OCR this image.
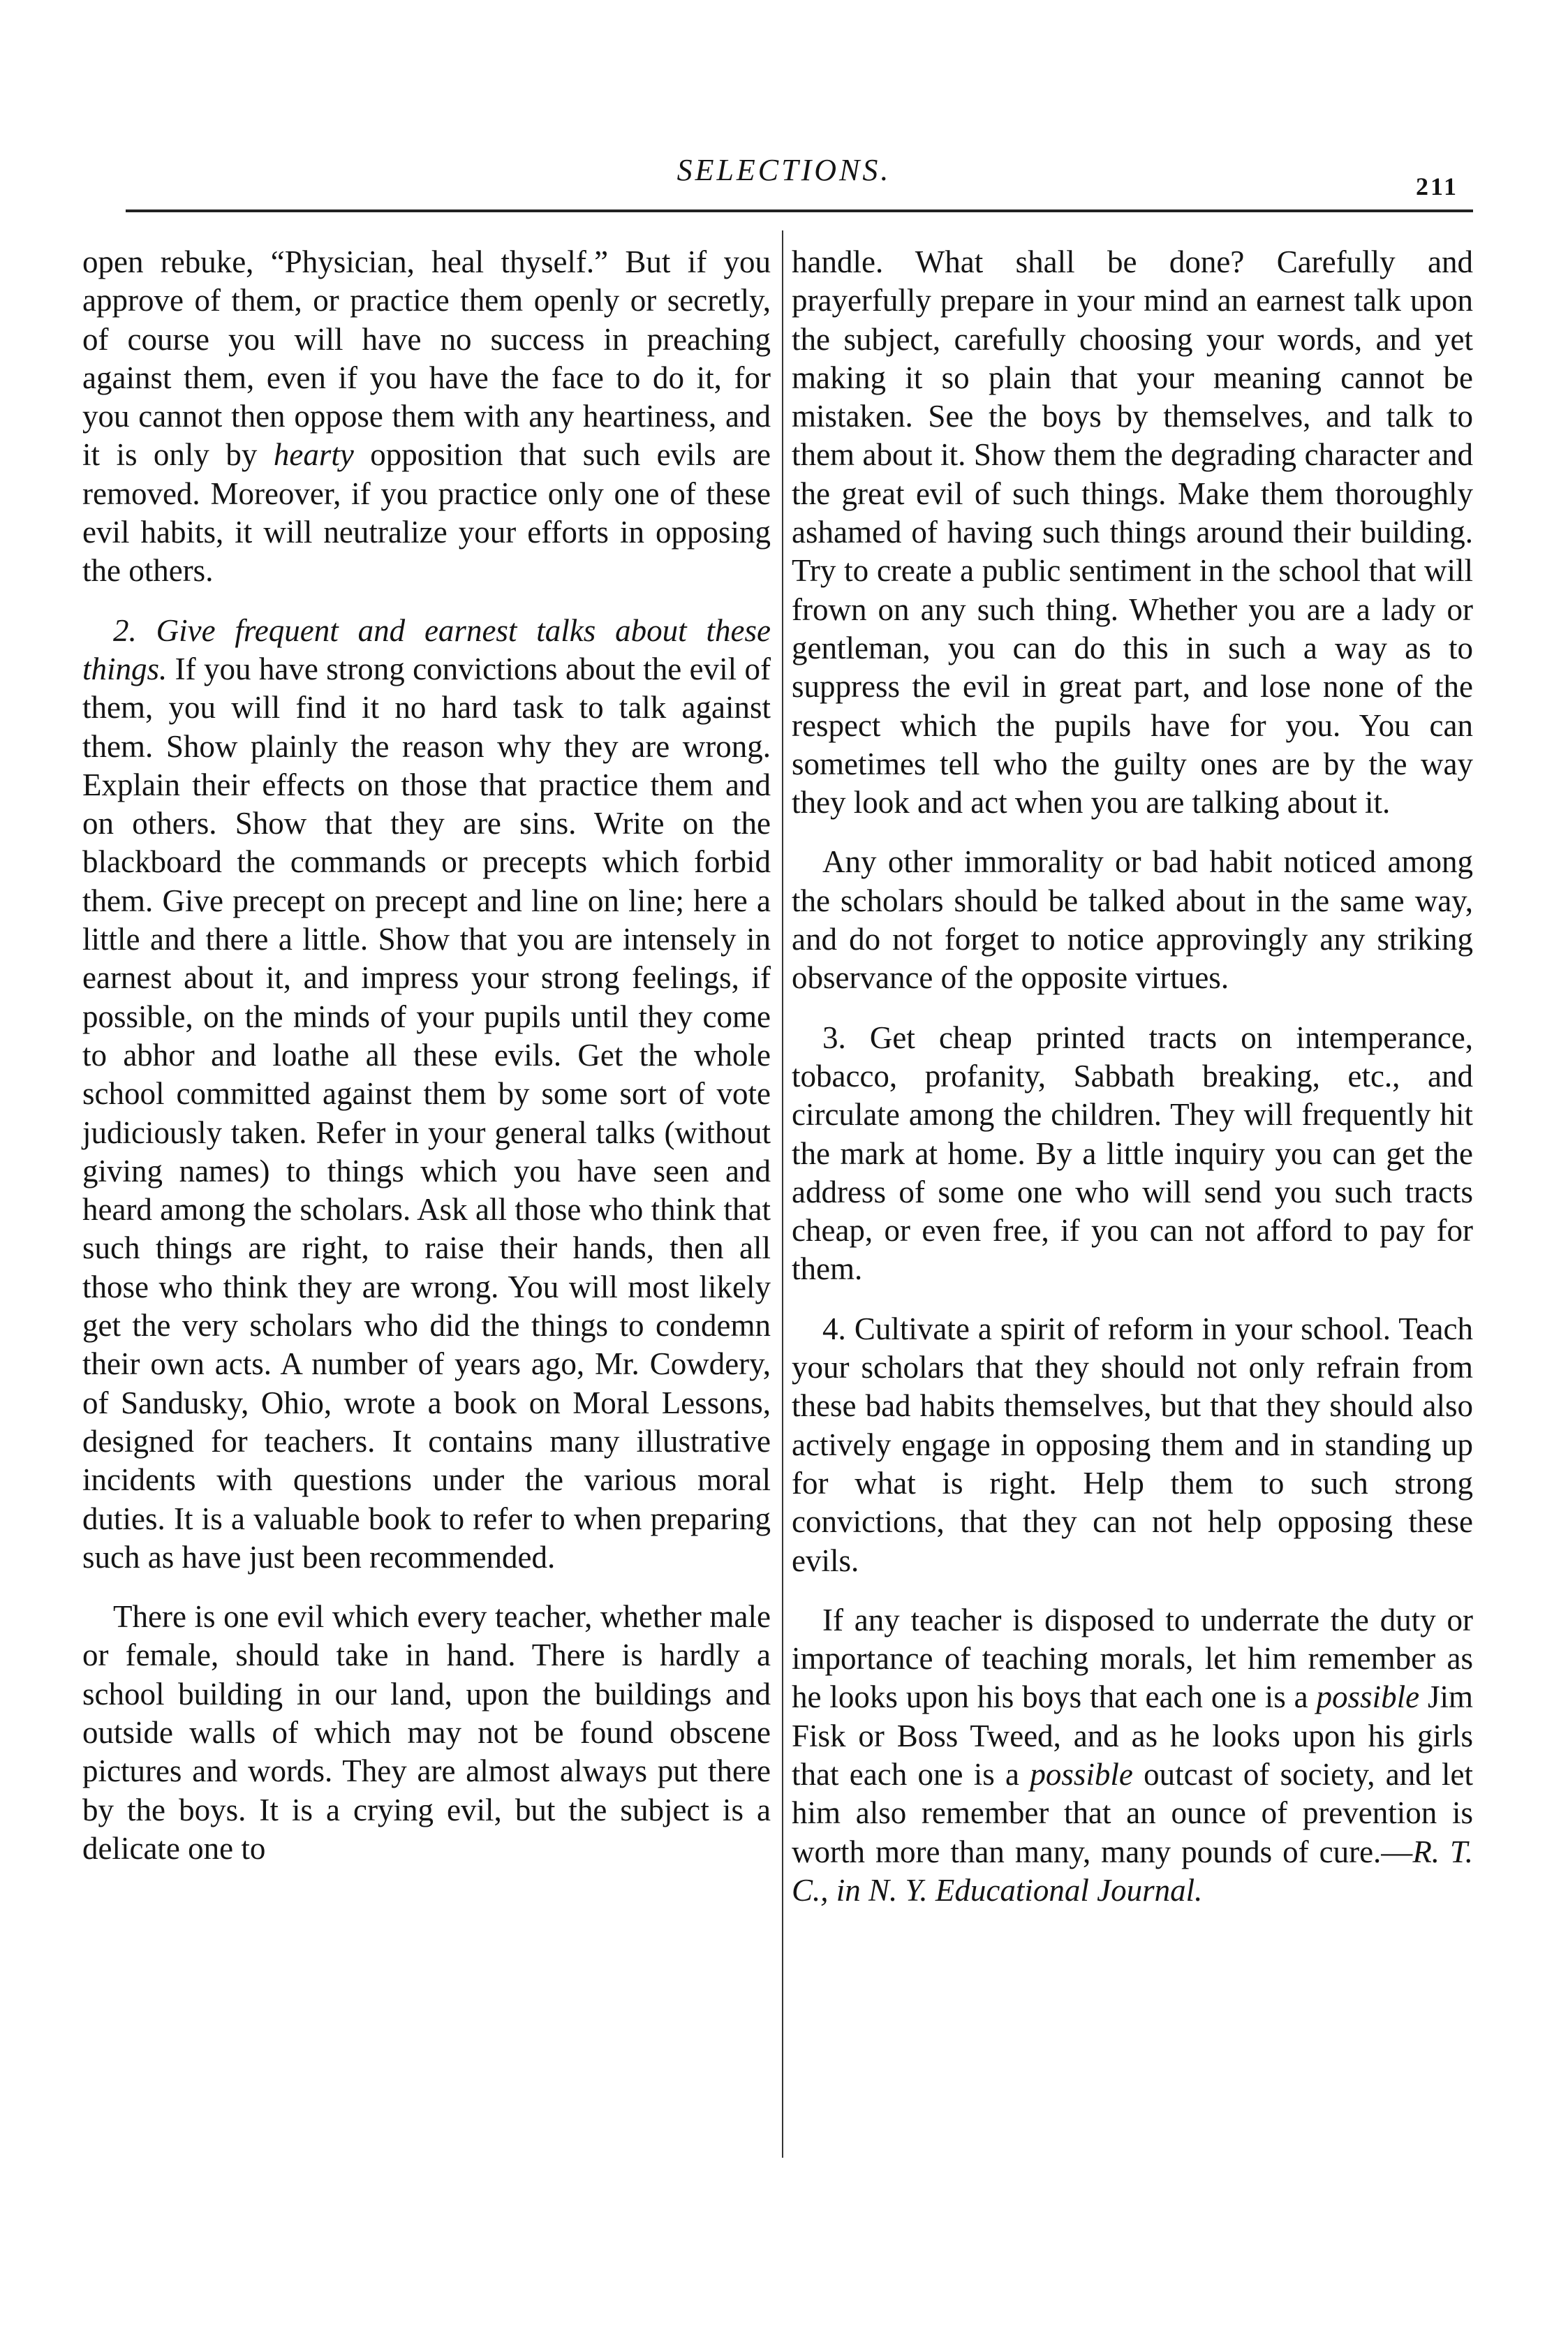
SELECTIONS.	211

open rebuke, “Physician, heal thyself.” But if you approve of them, or practice them openly or secretly, of course you will have no success in preaching against them, even if you have the face to do it, for you cannot then oppose them with any heartiness, and it is only by hearty opposition that such evils are removed. Moreover, if you practice only one of these evil habits, it will neutralize your efforts in opposing the others.

2. Give frequent and earnest talks about these things. If you have strong convictions about the evil of them, you will find it no hard task to talk against them. Show plainly the reason why they are wrong. Explain their effects on those that practice them and on others. Show that they are sins. Write on the blackboard the commands or precepts which forbid them. Give precept on precept and line on line; here a little and there a little. Show that you are intensely in earnest about it, and impress your strong feelings, if possible, on the minds of your pupils until they come to abhor and loathe all these evils. Get the whole school committed against them by some sort of vote judiciously taken. Refer in your general talks (without giving names) to things which you have seen and heard among the scholars. Ask all those who think that such things are right, to raise their hands, then all those who think they are wrong. You will most likely get the very scholars who did the things to condemn their own acts. A number of years ago, Mr. Cowdery, of Sandusky, Ohio, wrote a book on Moral Lessons, designed for teachers. It contains many illustrative incidents with questions under the various moral duties. It is a valuable book to refer to when preparing such as have just been recommended.

There is one evil which every teacher, whether male or female, should take in hand. There is hardly a school building in our land, upon the buildings and outside walls of which may not be found obscene pictures and words. They are almost always put there by the boys. It is a crying evil, but the subject is a delicate one to

handle. What shall be done? Carefully and prayerfully prepare in your mind an earnest talk upon the subject, carefully choosing your words, and yet making it so plain that your meaning cannot be mistaken. See the boys by themselves, and talk to them about it. Show them the degrading character and the great evil of such things. Make them thoroughly ashamed of having such things around their building. Try to create a public sentiment in the school that will frown on any such thing. Whether you are a lady or gentleman, you can do this in such a way as to suppress the evil in great part, and lose none of the respect which the pupils have for you. You can sometimes tell who the guilty ones are by the way they look and act when you are talking about it.

Any other immorality or bad habit noticed among the scholars should be talked about in the same way, and do not forget to notice approvingly any striking observance of the opposite virtues.

3. Get cheap printed tracts on intemperance, tobacco, profanity, Sabbath breaking, etc., and circulate among the children. They will frequently hit the mark at home. By a little inquiry you can get the address of some one who will send you such tracts cheap, or even free, if you can not afford to pay for them.

4. Cultivate a spirit of reform in your school. Teach your scholars that they should not only refrain from these bad habits themselves, but that they should also actively engage in opposing them and in standing up for what is right. Help them to such strong convictions, that they can not help opposing these evils.

If any teacher is disposed to underrate the duty or importance of teaching morals, let him remember as he looks upon his boys that each one is a possible Jim Fisk or Boss Tweed, and as he looks upon his girls that each one is a possible outcast of society, and let him also remember that an ounce of prevention is worth more than many, many pounds of cure.—R. T. C., in N. Y. Educational Journal.
